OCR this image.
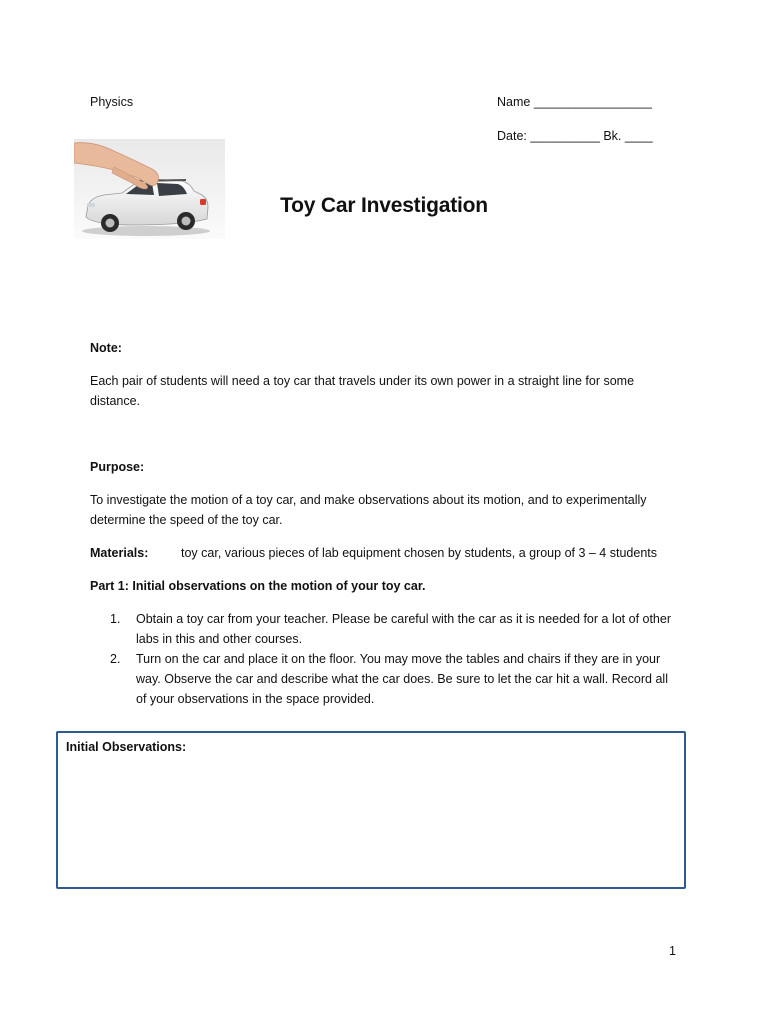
Physics	Name _________________
Date: __________ Bk. ____
Toy Car Investigation
Note:
Each pair of students will need a toy car that travels under its own power in a straight line for some distance.
Purpose:
To investigate the motion of a toy car, and make observations about its motion, and to experimentally determine the speed of the toy car.
Materials:	toy car, various pieces of lab equipment chosen by students, a group of 3 – 4 students
Part 1: Initial observations on the motion of your toy car.
1.	Obtain a toy car from your teacher. Please be careful with the car as it is needed for a lot of other labs in this and other courses.
2.	Turn on the car and place it on the floor. You may move the tables and chairs if they are in your way. Observe the car and describe what the car does. Be sure to let the car hit a wall. Record all of your observations in the space provided.
Initial Observations:
1
